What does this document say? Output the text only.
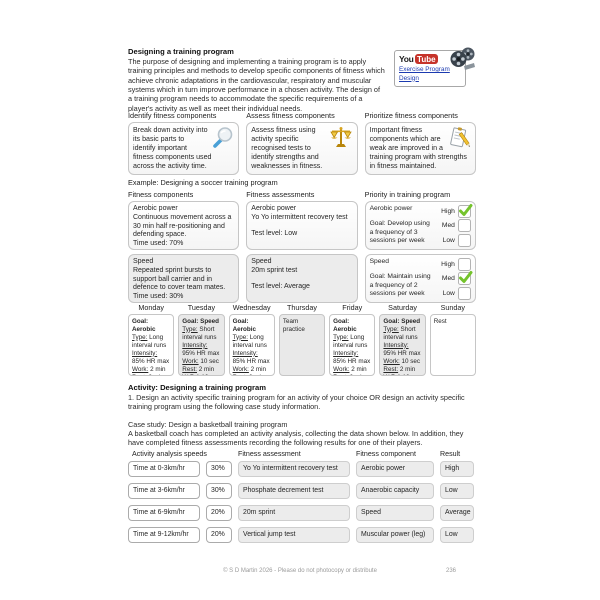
You Tube
Exercise Program Design
Designing a training program
The purpose of designing and implementing a training program is to apply training principles and methods to develop specific components of fitness which achieve chronic adaptations in the cardiovascular, respiratory and muscular systems which in turn improve performance in a chosen activity. The design of a training program needs to accommodate the specific requirements of a player's activity as well as meet their individual needs.
Identify fitness components
Break down activity into its basic parts to identify important fitness components used across the activity time.
Assess fitness components
Assess fitness using activity specific recognised tests to identify strengths and weaknesses in fitness.
Prioritize fitness components
Important fitness components which are weak are improved in a training program with strengths in fitness maintained.
Example: Designing a soccer training program
Fitness components
Aerobic power
Continuous movement across a 30 min half re-positioning and defending space.
Time used: 70%
Speed
Repeated sprint bursts to support ball carrier and in defence to cover team mates.
Time used: 30%
Fitness assessments
Aerobic power
Yo Yo intermittent recovery test
Test level: Low
Speed
20m sprint test
Test level: Average
Priority in training program
Aerobic power
Goal: Develop using a frequency of 3 sessions per week
High
Med
Low
Speed
Goal: Maintain using a frequency of 2 sessions per week
High
Med
Low
Monday
Goal: Aerobic
Type: Long interval runs
Intensity: 85% HR max
Work: 2 min
Tuesday
Goal: Speed
Type: Short interval runs
Intensity: 95% HR max
Work: 10 sec
Rest: 2 min
Wednesday
Goal: Aerobic
Type: Long interval runs
Intensity: 85% HR max
Work: 2 min
Thursday
Team practice
Friday
Goal: Aerobic
Type: Long interval runs
Intensity: 85% HR max
Work: 2 min
Saturday
Goal: Speed
Type: Short interval runs
Intensity: 95% HR max
Work: 10 sec
Rest: 2 min
Sunday
Rest
Activity: Designing a training program
1. Design an activity specific training program for an activity of your choice OR design an activity specific training program using the following case study information.
Case study: Design a basketball training program
A basketball coach has completed an activity analysis, collecting the data shown below. In addition, they have completed fitness assessments recording the following results for one of their players.
Activity analysis speeds	Fitness assessment	Fitness component	Result
Time at 0-3km/hr	30%	Yo Yo intermittent recovery test	Aerobic power	High
Time at 3-6km/hr	30%	Phosphate decrement test	Anaerobic capacity	Low
Time at 6-9km/hr	20%	20m sprint	Speed	Average
Time at 9-12km/hr	20%	Vertical jump test	Muscular power (leg)	Low
© S D Martin 2026 - Please do not photocopy or distribute	236
